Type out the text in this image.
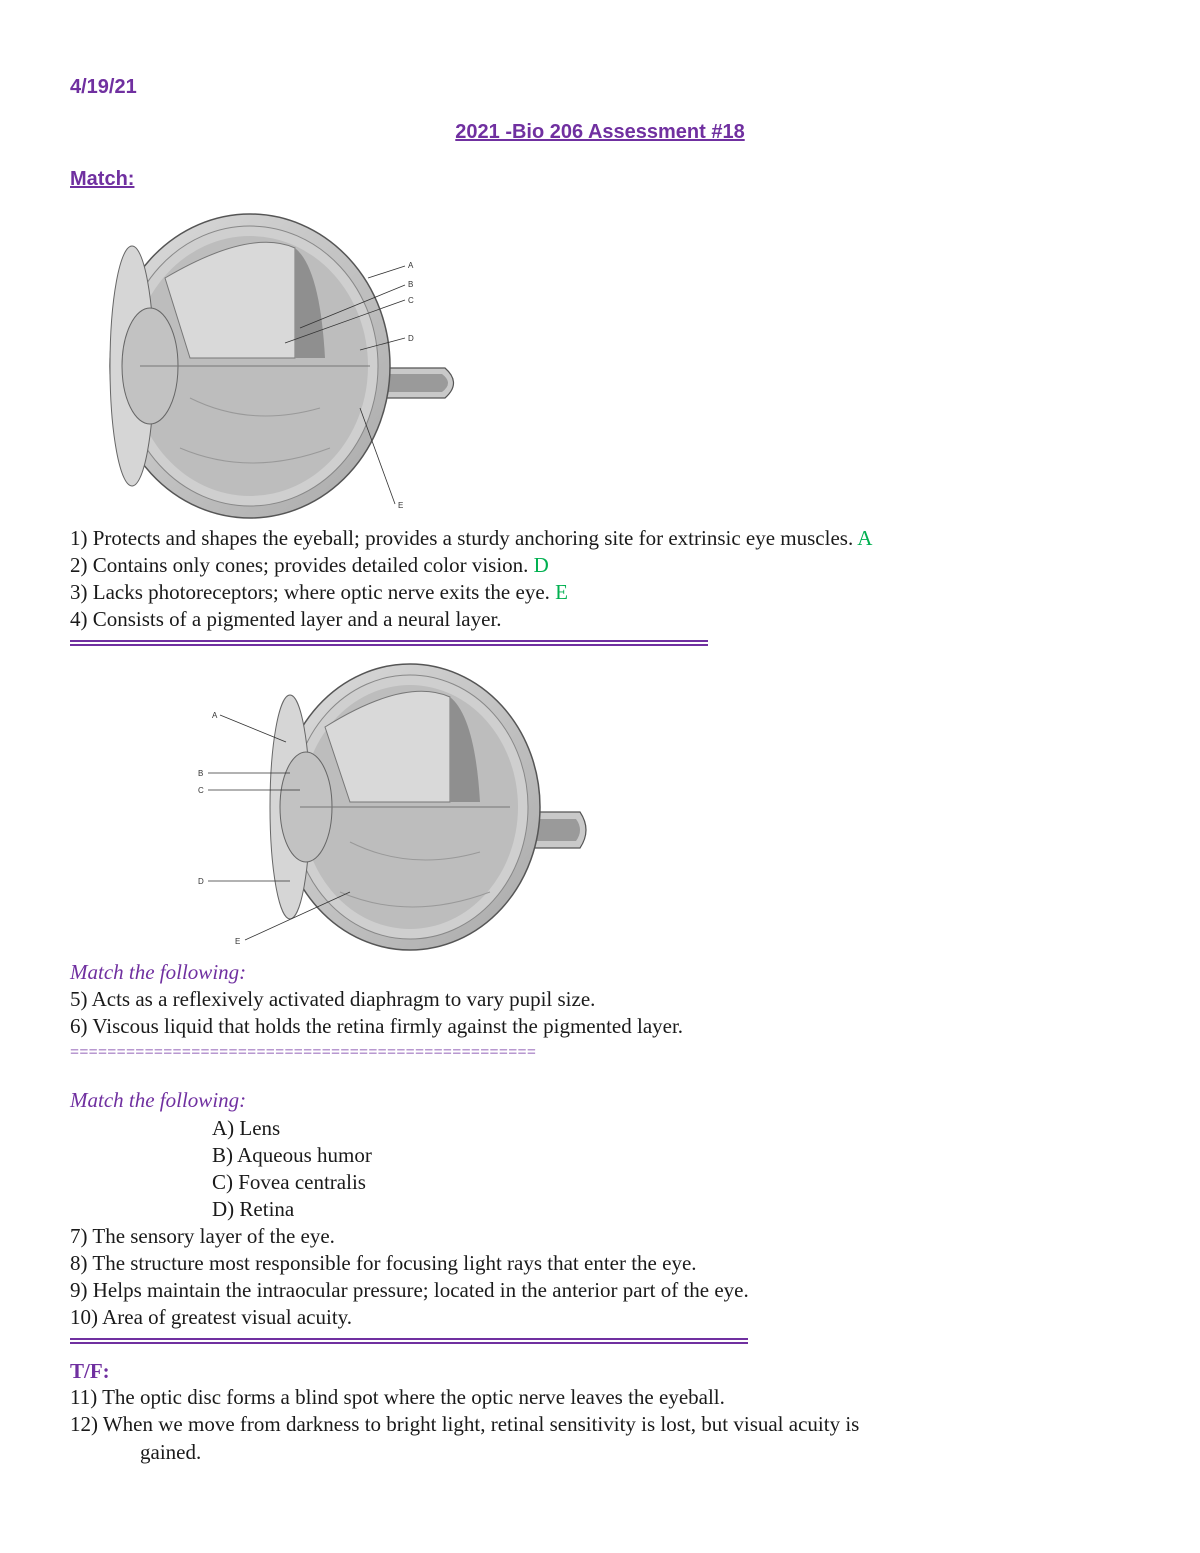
4/19/21
2021 -Bio 206 Assessment #18
Match:
A
B
C
D
E
1) Protects and shapes the eyeball; provides a sturdy anchoring site for extrinsic eye muscles. A
2) Contains only cones; provides detailed color vision. D
3) Lacks photoreceptors; where optic nerve exits the eye. E
4) Consists of a pigmented layer and a neural layer.
A
B
C
D
E
Match the following:
5) Acts as a reflexively activated diaphragm to vary pupil size.
6) Viscous liquid that holds the retina firmly against the pigmented layer.
==================================================
Match the following:
A) Lens
B) Aqueous humor
C) Fovea centralis
D) Retina
7) The sensory layer of the eye.
8) The structure most responsible for focusing light rays that enter the eye.
9) Helps maintain the intraocular pressure; located in the anterior part of the eye.
10) Area of greatest visual acuity.
T/F:
11) The optic disc forms a blind spot where the optic nerve leaves the eyeball.
12) When we move from darkness to bright light, retinal sensitivity is lost, but visual acuity is
gained.
